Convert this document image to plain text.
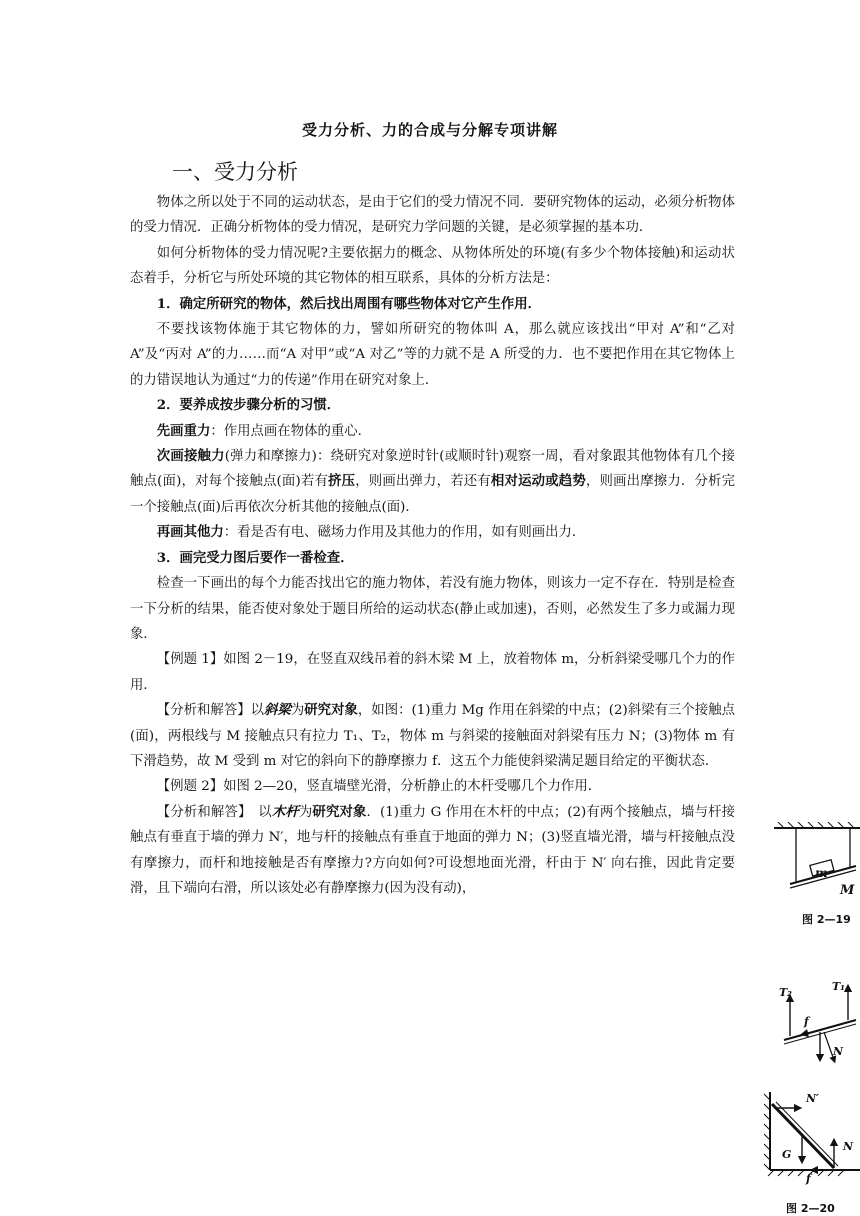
受力分析、力的合成与分解专项讲解
一、受力分析

物体之所以处于不同的运动状态，是由于它们的受力情况不同．要研究物体的运动，必须分析物体的受力情况．正确分析物体的受力情况，是研究力学问题的关键，是必须掌握的基本功．

如何分析物体的受力情况呢?主要依据力的概念、从物体所处的环境(有多少个物体接触)和运动状态着手，分析它与所处环境的其它物体的相互联系，具体的分析方法是：

1．确定所研究的物体，然后找出周围有哪些物体对它产生作用．

不要找该物体施于其它物体的力，譬如所研究的物体叫 A，那么就应该找出“甲对 A”和“乙对 A”及“丙对 A”的力……而“A 对甲”或“A 对乙”等的力就不是 A 所受的力．也不要把作用在其它物体上的力错误地认为通过“力的传递”作用在研究对象上．

2．要养成按步骤分析的习惯．

先画重力：作用点画在物体的重心．

次画接触力(弹力和摩擦力)：绕研究对象逆时针(或顺时针)观察一周，看对象跟其他物体有几个接触点(面)，对每个接触点(面)若有挤压，则画出弹力，若还有相对运动或趋势，则画出摩擦力．分析完一个接触点(面)后再依次分析其他的接触点(面)．

再画其他力：看是否有电、磁场力作用及其他力的作用，如有则画出力．

3．画完受力图后要作一番检查．

检查一下画出的每个力能否找出它的施力物体，若没有施力物体，则该力一定不存在．特别是检查一下分析的结果，能否使对象处于题目所给的运动状态(静止或加速)，否则，必然发生了多力或漏力现象．

【例题 1】如图 2－19，在竖直双线吊着的斜木梁 M 上，放着物体 m，分析斜梁受哪几个力的作用．

【分析和解答】以斜梁为研究对象，如图：(1)重力 Mg 作用在斜梁的中点；(2)斜梁有三个接触点(面)，两根线与 M 接触点只有拉力 T₁、T₂，物体 m 与斜梁的接触面对斜梁有压力 N；(3)物体 m 有下滑趋势，故 M 受到 m 对它的斜向下的静摩擦力 f．这五个力能使斜梁满足题目给定的平衡状态．

【例题 2】如图 2—20，竖直墙壁光滑，分析静止的木杆受哪几个力作用．

【分析和解答】　以木杆为研究对象．(1)重力 G 作用在木杆的中点；(2)有两个接触点，墙与杆接触点有垂直于墙的弹力 N′，地与杆的接触点有垂直于地面的弹力 N；(3)竖直墙光滑，墙与杆接触点没有摩擦力，而杆和地接触是否有摩擦力?方向如何?可设想地面光滑，杆由于 N′ 向右推，因此肯定要滑，且下端向右滑，所以该处必有静摩擦力(因为没有动)，

m
M
图 2—19
T₂	T₁
f
N
N′
G
N
f
图 2—20
